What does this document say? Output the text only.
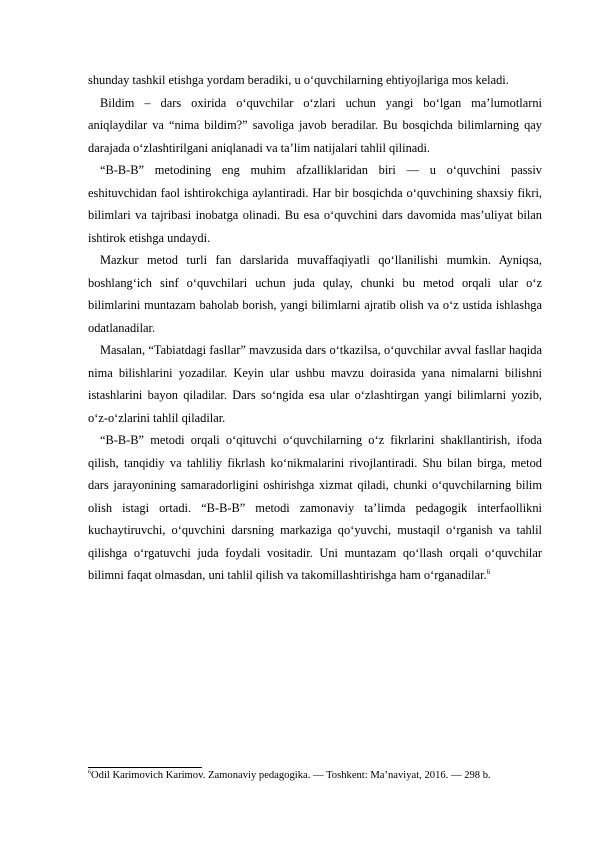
shunday tashkil etishga yordam beradiki, u o‘quvchilarning ehtiyojlariga mos keladi.

Bildim – dars oxirida o‘quvchilar o‘zlari uchun yangi bo‘lgan ma’lumotlarni aniqlaydilar va “nima bildim?” savoliga javob beradilar. Bu bosqichda bilimlarning qay darajada o‘zlashtirilgani aniqlanadi va ta’lim natijalari tahlil qilinadi.

“B-B-B” metodining eng muhim afzalliklaridan biri — u o‘quvchini passiv eshituvchidan faol ishtirokchiga aylantiradi. Har bir bosqichda o‘quvchining shaxsiy fikri, bilimlari va tajribasi inobatga olinadi. Bu esa o‘quvchini dars davomida mas’uliyat bilan ishtirok etishga undaydi.

Mazkur metod turli fan darslarida muvaffaqiyatli qo‘llanilishi mumkin. Ayniqsa, boshlang‘ich sinf o‘quvchilari uchun juda qulay, chunki bu metod orqali ular o‘z bilimlarini muntazam baholab borish, yangi bilimlarni ajratib olish va o‘z ustida ishlashga odatlanadilar.

Masalan, “Tabiatdagi fasllar” mavzusida dars o‘tkazilsa, o‘quvchilar avval fasllar haqida nima bilishlarini yozadilar. Keyin ular ushbu mavzu doirasida yana nimalarni bilishni istashlarini bayon qiladilar. Dars so‘ngida esa ular o‘zlashtirgan yangi bilimlarni yozib, o‘z-o‘zlarini tahlil qiladilar.

“B-B-B” metodi orqali o‘qituvchi o‘quvchilarning o‘z fikrlarini shakllantirish, ifoda qilish, tanqidiy va tahliliy fikrlash ko‘nikmalarini rivojlantiradi. Shu bilan birga, metod dars jarayonining samaradorligini oshirishga xizmat qiladi, chunki o‘quvchilarning bilim olish istagi ortadi. “B-B-B” metodi zamonaviy ta’limda pedagogik interfaollikni kuchaytiruvchi, o‘quvchini darsning markaziga qo‘yuvchi, mustaqil o‘rganish va tahlil qilishga o‘rgatuvchi juda foydali vositadir. Uni muntazam qo‘llash orqali o‘quvchilar bilimni faqat olmasdan, uni tahlil qilish va takomillashtirishga ham o‘rganadilar.$^6$

$^6$Odil Karimovich Karimov. Zamonaviy pedagogika. — Toshkent: Ma’naviyat, 2016. — 298 b.
